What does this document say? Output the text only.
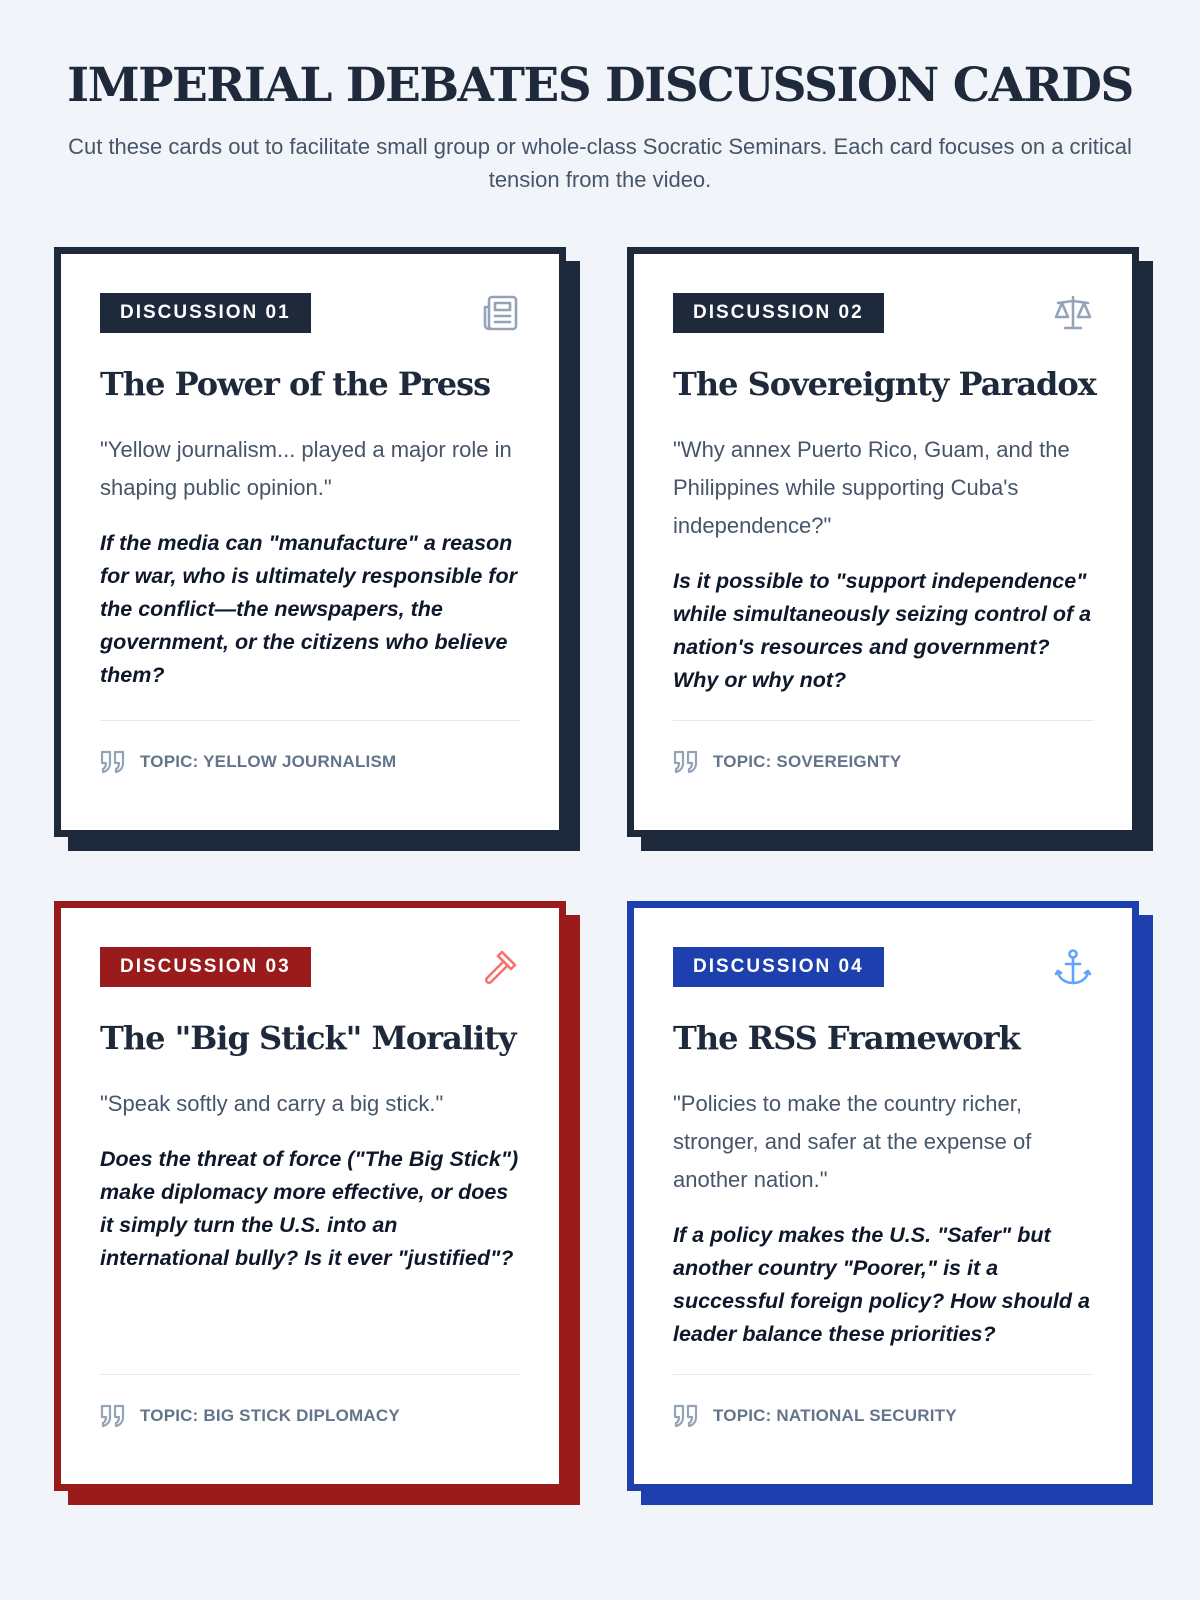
IMPERIAL DEBATES DISCUSSION CARDS

Cut these cards out to facilitate small group or whole-class Socratic Seminars. Each card focuses on a critical tension from the video.

DISCUSSION 01
The Power of the Press

"Yellow journalism... played a major role in shaping public opinion."

If the media can "manufacture" a reason for war, who is ultimately responsible for the conflict—the newspapers, the government, or the citizens who believe them?

TOPIC: YELLOW JOURNALISM
DISCUSSION 02
The Sovereignty Paradox

"Why annex Puerto Rico, Guam, and the Philippines while supporting Cuba's independence?"

Is it possible to "support independence" while simultaneously seizing control of a nation's resources and government? Why or why not?

TOPIC: SOVEREIGNTY
DISCUSSION 03
The "Big Stick" Morality

"Speak softly and carry a big stick."

Does the threat of force ("The Big Stick") make diplomacy more effective, or does it simply turn the U.S. into an international bully? Is it ever "justified"?

TOPIC: BIG STICK DIPLOMACY
DISCUSSION 04
The RSS Framework

"Policies to make the country richer, stronger, and safer at the expense of another nation."

If a policy makes the U.S. "Safer" but another country "Poorer," is it a successful foreign policy? How should a leader balance these priorities?

TOPIC: NATIONAL SECURITY
